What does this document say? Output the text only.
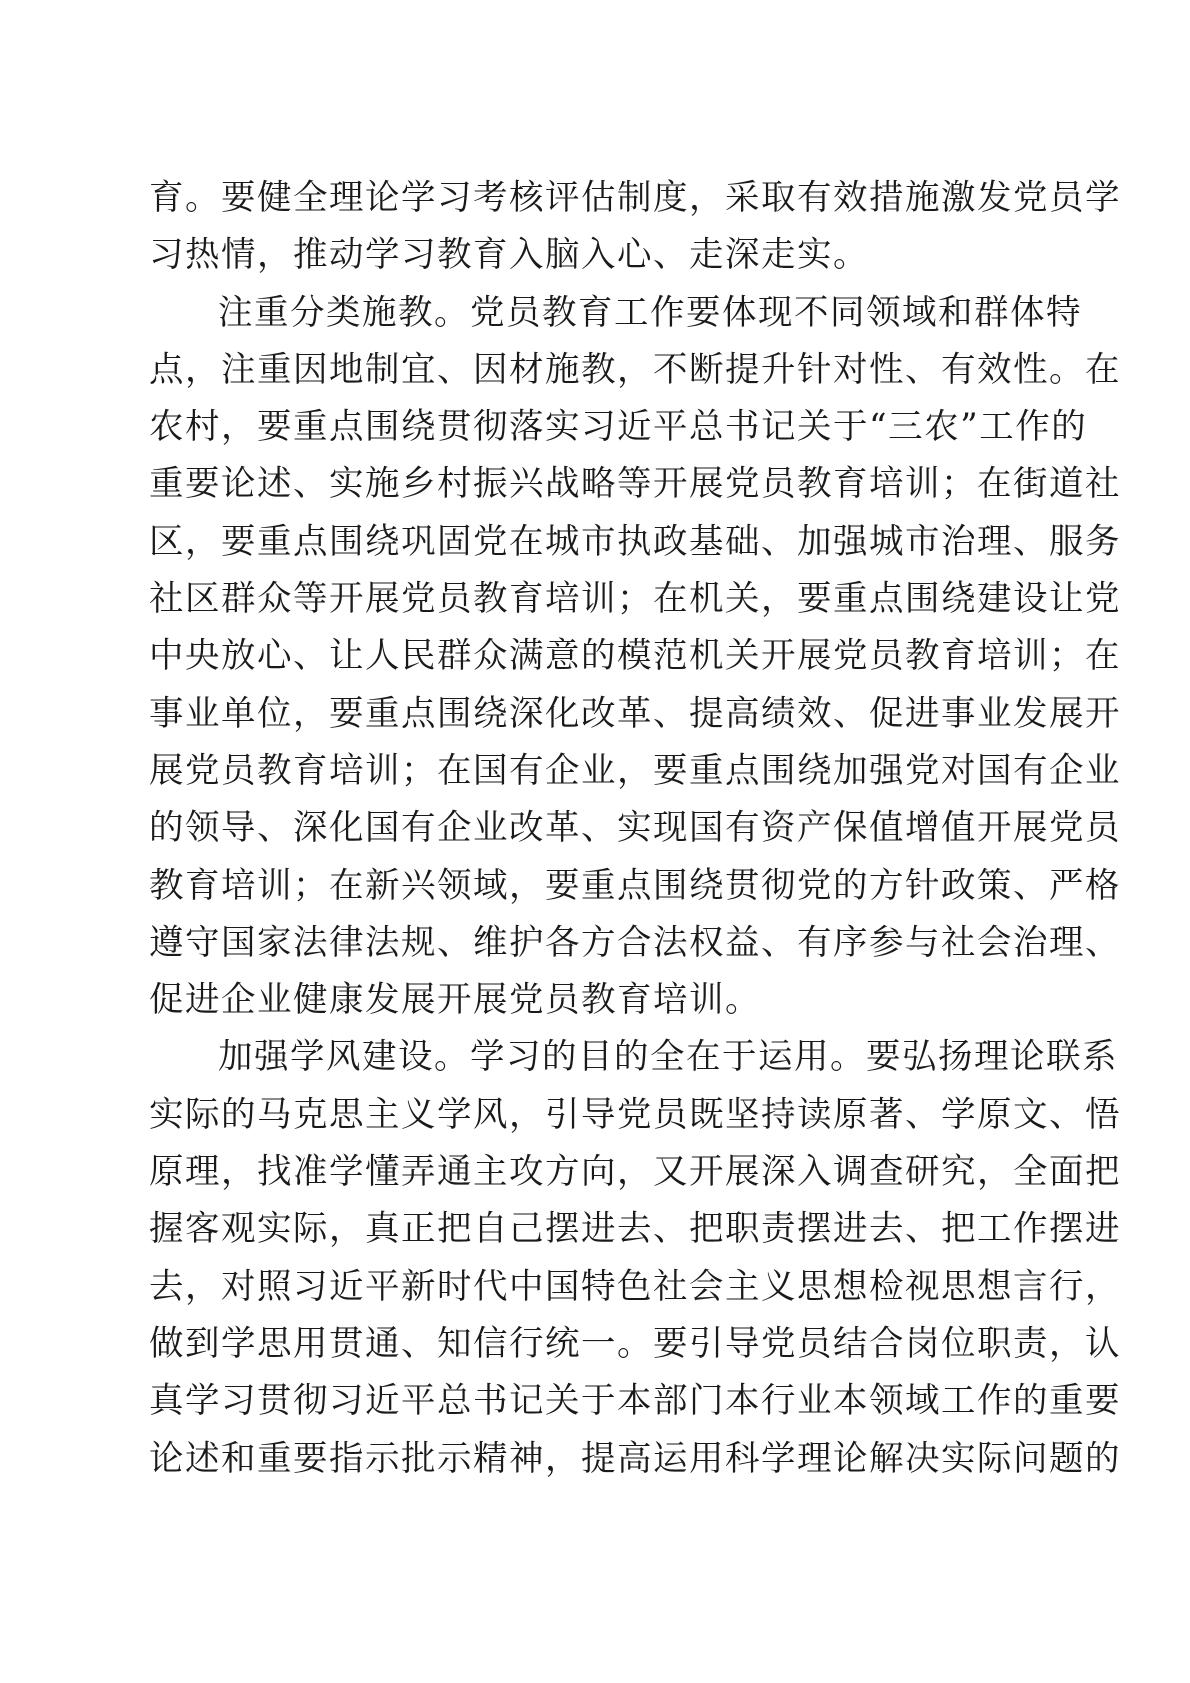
育。要健全理论学习考核评估制度，采取有效措施激发党员学
习热情，推动学习教育入脑入心、走深走实。
注重分类施教。党员教育工作要体现不同领域和群体特
点，注重因地制宜、因材施教，不断提升针对性、有效性。在
农村，要重点围绕贯彻落实习近平总书记关于“三农”工作的
重要论述、实施乡村振兴战略等开展党员教育培训；在街道社
区，要重点围绕巩固党在城市执政基础、加强城市治理、服务
社区群众等开展党员教育培训；在机关，要重点围绕建设让党
中央放心、让人民群众满意的模范机关开展党员教育培训；在
事业单位，要重点围绕深化改革、提高绩效、促进事业发展开
展党员教育培训；在国有企业，要重点围绕加强党对国有企业
的领导、深化国有企业改革、实现国有资产保值增值开展党员
教育培训；在新兴领域，要重点围绕贯彻党的方针政策、严格
遵守国家法律法规、维护各方合法权益、有序参与社会治理、
促进企业健康发展开展党员教育培训。
加强学风建设。学习的目的全在于运用。要弘扬理论联系
实际的马克思主义学风，引导党员既坚持读原著、学原文、悟
原理，找准学懂弄通主攻方向，又开展深入调查研究，全面把
握客观实际，真正把自己摆进去、把职责摆进去、把工作摆进
去，对照习近平新时代中国特色社会主义思想检视思想言行，
做到学思用贯通、知信行统一。要引导党员结合岗位职责，认
真学习贯彻习近平总书记关于本部门本行业本领域工作的重要
论述和重要指示批示精神，提高运用科学理论解决实际问题的
